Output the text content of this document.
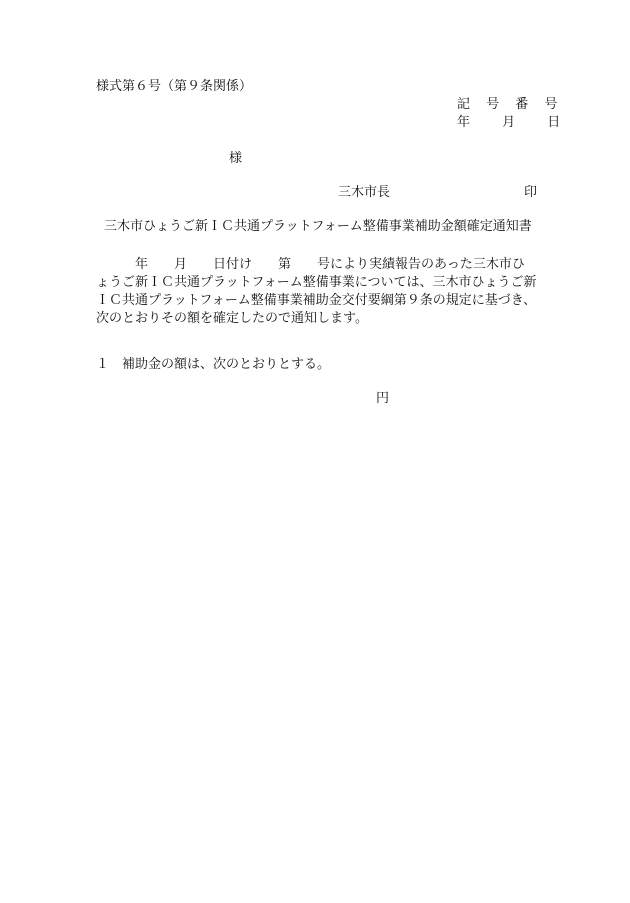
様式第６号（第９条関係）
記 号 番 号
年 月 日
様
三木市長	印
三木市ひょうご新ＩＣ共通プラットフォーム整備事業補助金額確定通知書
　　　年　　月　　日付け　　第　　号により実績報告のあった三木市ひ
ょうご新ＩＣ共通プラットフォーム整備事業については、三木市ひょうご新
ＩＣ共通プラットフォーム整備事業補助金交付要綱第９条の規定に基づき、
次のとおりその額を確定したので通知します。
１　補助金の額は、次のとおりとする。
円
